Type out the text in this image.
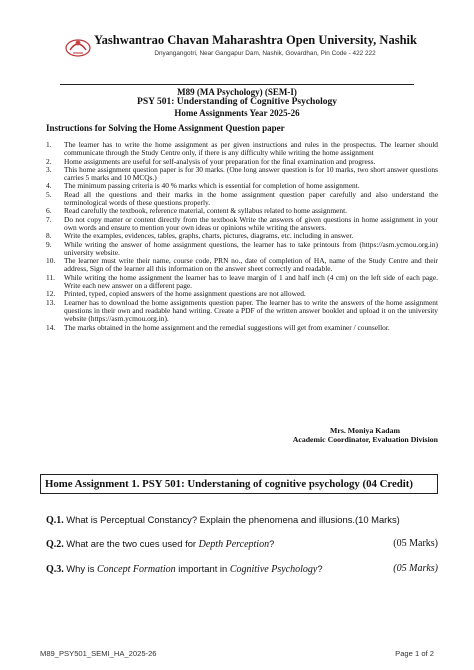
Yashwantrao Chavan Maharashtra Open University, Nashik
Dnyangangotri, Near Gangapur Dam, Nashik, Govardhan, Pin Code - 422 222
M89 (MA Psychology) (SEM-I)
PSY 501: Understanding of Cognitive Psychology
Home Assignments Year 2025-26
Instructions for Solving the Home Assignment Question paper
1. The learner has to write the home assignment as per given instructions and rules in the prospectus. The learner should communicate through the Study Centre only, if there is any difficulty while writing the home assignment
2. Home assignments are useful for self-analysis of your preparation for the final examination and progress.
3. This home assignment question paper is for 30 marks. (One long answer question is for 10 marks, two short answer questions carries 5 marks and 10 MCQs.)
4. The minimum passing criteria is 40 % marks which is essential for completion of home assignment.
5. Read all the questions and their marks in the home assignment question paper carefully and also understand the terminological words of these questions properly.
6. Read carefully the textbook, reference material, content & syllabus related to home assignment.
7. Do not copy matter or content directly from the textbook Write the answers of given questions in home assignment in your own words and ensure to mention your own ideas or opinions while writing the answers.
8. Write the examples, evidences, tables, graphs, charts, pictures, diagrams, etc. including in answer.
9. While writing the answer of home assignment questions, the learner has to take printouts from (https://asm.ycmou.org.in) university website.
10. The learner must write their name, course code, PRN no., date of completion of HA, name of the Study Centre and their address, Sign of the learner all this information on the answer sheet correctly and readable.
11. While writing the home assignment the learner has to leave margin of 1 and half inch (4 cm) on the left side of each page. Write each new answer on a different page.
12. Printed, typed, copied answers of the home assignment questions are not allowed.
13. Learner has to download the home assignments question paper. The learner has to write the answers of the home assignment questions in their own and readable hand writing. Create a PDF of the written answer booklet and upload it on the university website (https://asm.ycmou.org.in).
14. The marks obtained in the home assignment and the remedial suggestions will get from examiner / counsellor.
Mrs. Moniya Kadam
Academic Coordinator, Evaluation Division
Home Assignment 1. PSY 501: Understaning of cognitive psychology (04 Credit)
Q.1. What is Perceptual Constancy? Explain the phenomena and illusions.(10 Marks)
Q.2. What are the two cues used for Depth Perception?	(05 Marks)
Q.3. Why is Concept Formation important in Cognitive Psychology?	(05 Marks)
M89_PSY501_SEMI_HA_2025-26	Page 1 of 2
